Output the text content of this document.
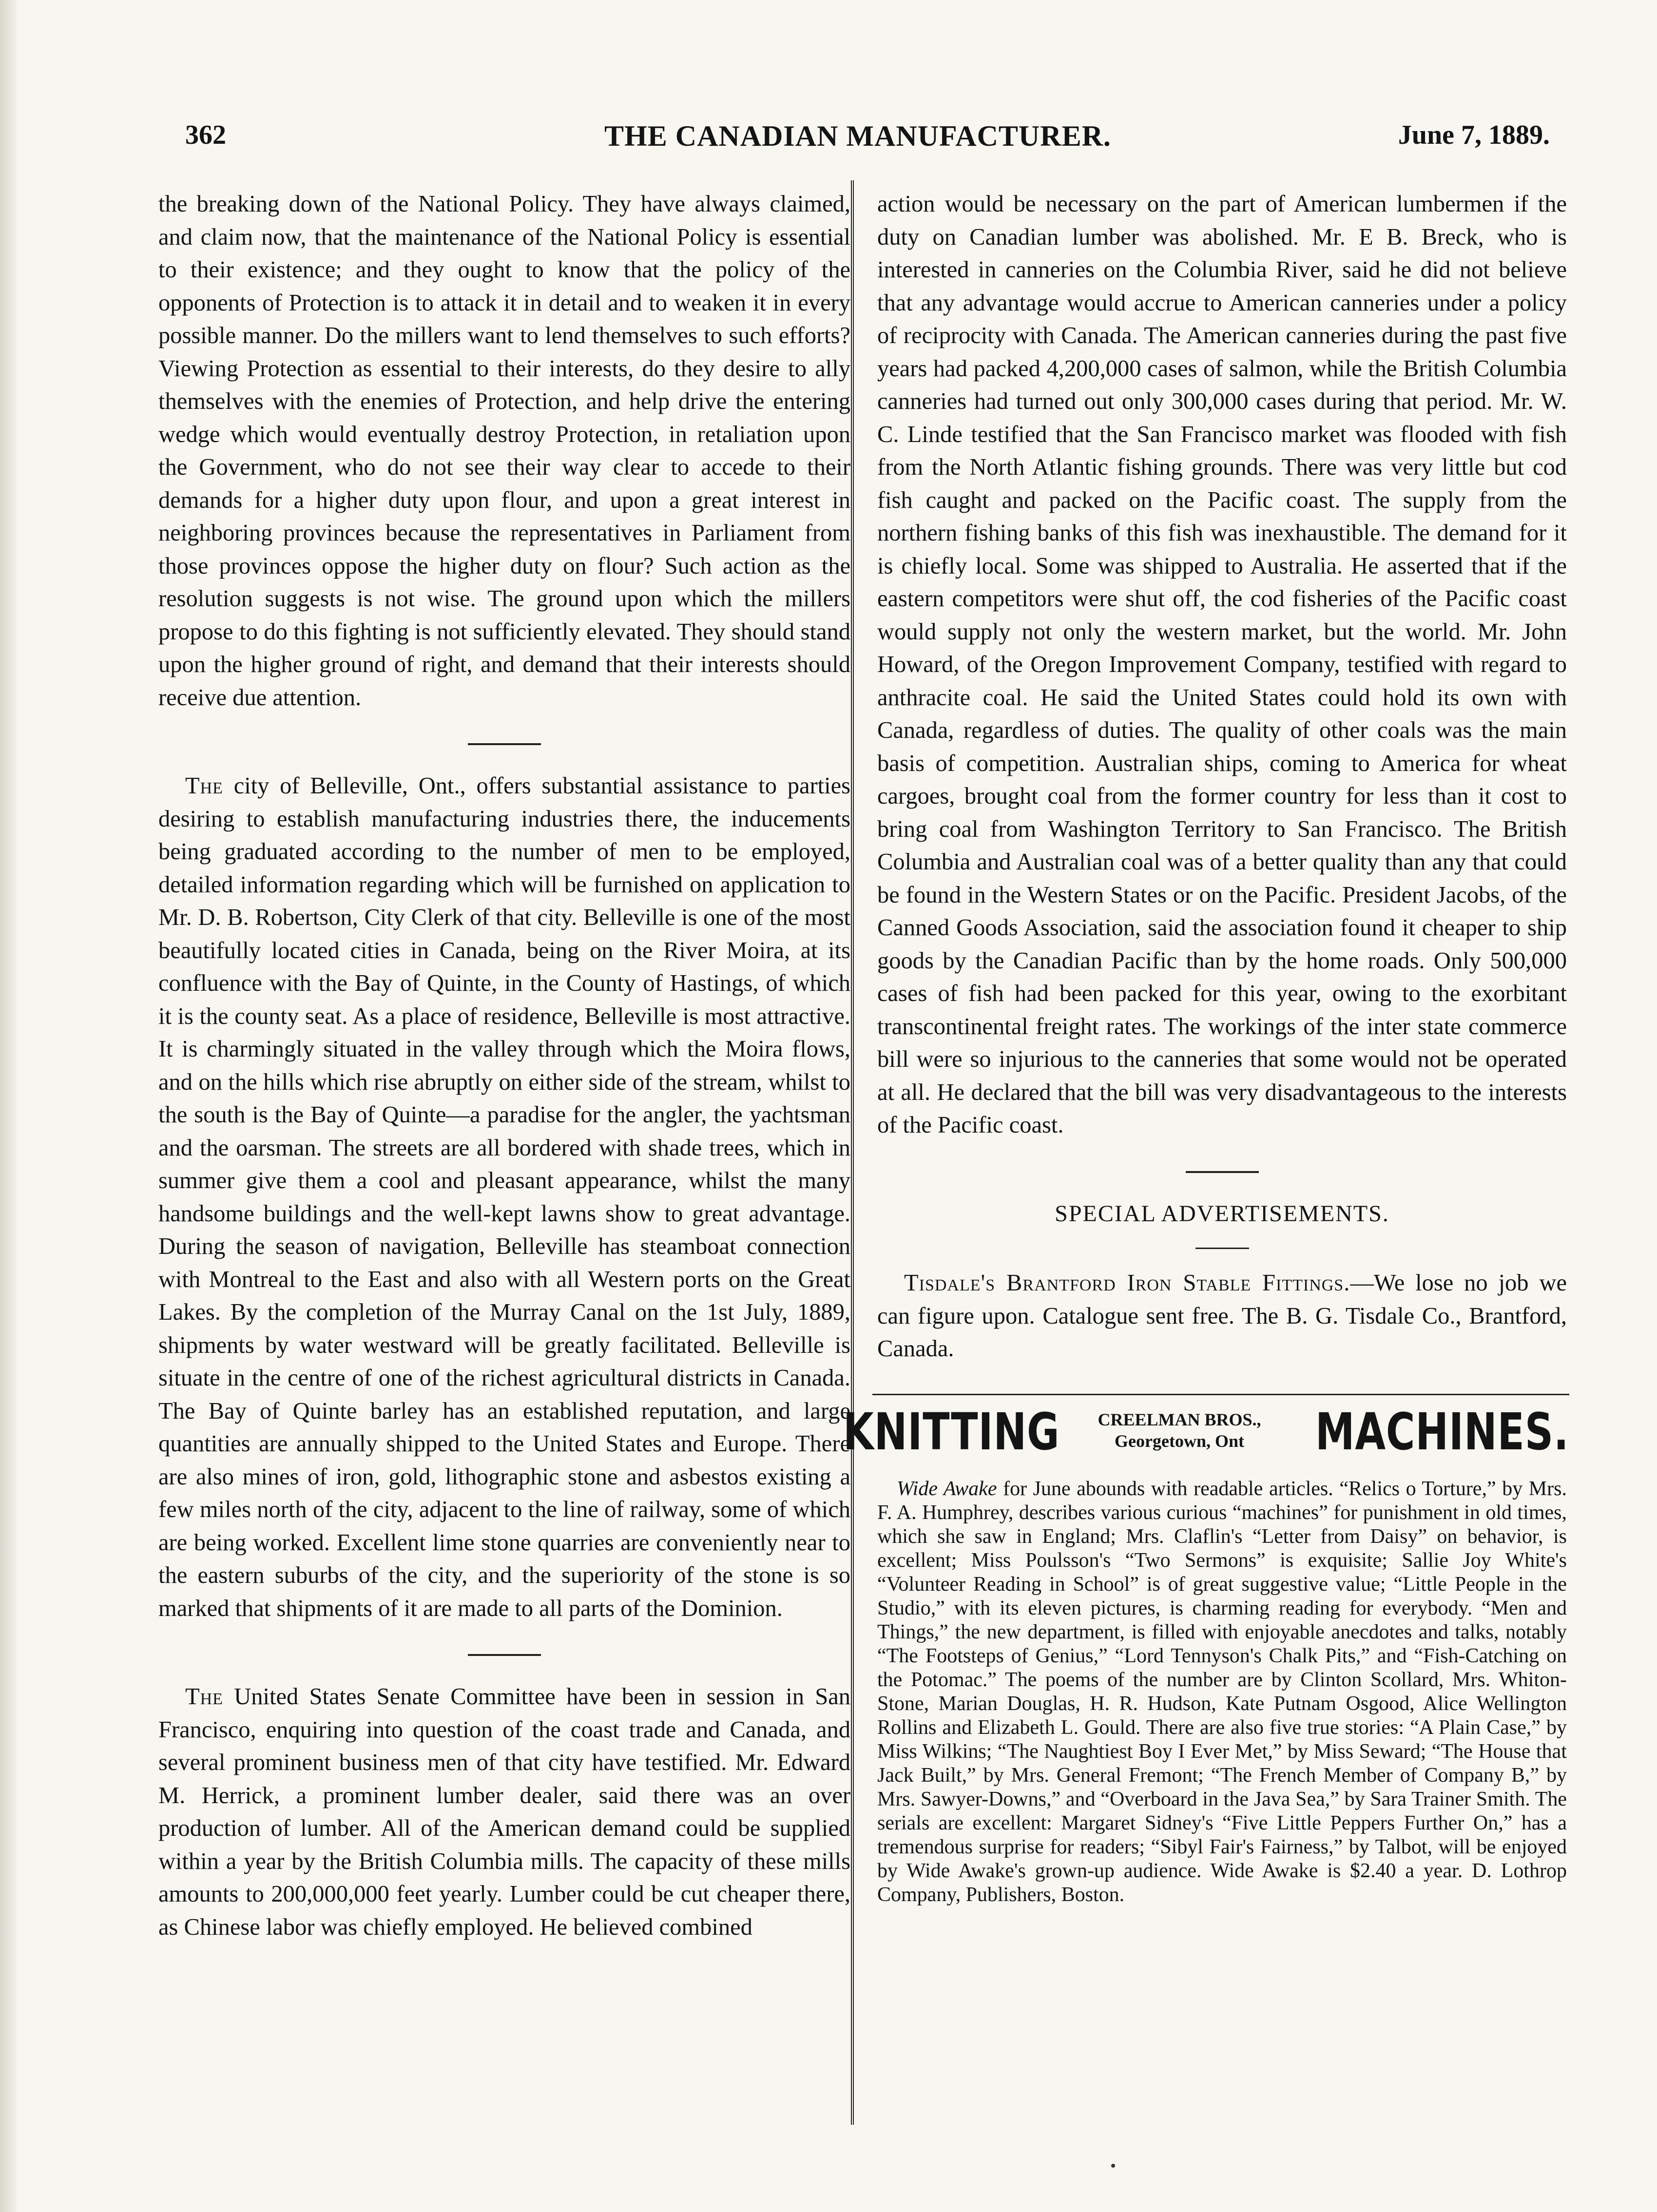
362	THE CANADIAN MANUFACTURER.	June 7, 1889.

the breaking down of the National Policy. They have always claimed, and claim now, that the maintenance of the National Policy is essential to their existence; and they ought to know that the policy of the opponents of Protection is to attack it in detail and to weaken it in every possible manner. Do the millers want to lend themselves to such efforts? Viewing Protection as essential to their interests, do they desire to ally themselves with the enemies of Protection, and help drive the entering wedge which would eventually destroy Protection, in retaliation upon the Government, who do not see their way clear to accede to their demands for a higher duty upon flour, and upon a great interest in neighboring provinces because the representatives in Parliament from those provinces oppose the higher duty on flour? Such action as the resolution suggests is not wise. The ground upon which the millers propose to do this fighting is not sufficiently elevated. They should stand upon the higher ground of right, and demand that their interests should receive due attention.

The city of Belleville, Ont., offers substantial assistance to parties desiring to establish manufacturing industries there, the inducements being graduated according to the number of men to be employed, detailed information regarding which will be furnished on application to Mr. D. B. Robertson, City Clerk of that city. Belleville is one of the most beautifully located cities in Canada, being on the River Moira, at its confluence with the Bay of Quinte, in the County of Hastings, of which it is the county seat. As a place of residence, Belleville is most attractive. It is charmingly situated in the valley through which the Moira flows, and on the hills which rise abruptly on either side of the stream, whilst to the south is the Bay of Quinte—a paradise for the angler, the yachtsman and the oarsman. The streets are all bordered with shade trees, which in summer give them a cool and pleasant appearance, whilst the many handsome buildings and the well-kept lawns show to great advantage. During the season of navigation, Belleville has steamboat connection with Montreal to the East and also with all Western ports on the Great Lakes. By the completion of the Murray Canal on the 1st July, 1889, shipments by water westward will be greatly facilitated. Belleville is situate in the centre of one of the richest agricultural districts in Canada. The Bay of Quinte barley has an established reputation, and large quantities are annually shipped to the United States and Europe. There are also mines of iron, gold, lithographic stone and asbestos existing a few miles north of the city, adjacent to the line of railway, some of which are being worked. Excellent lime stone quarries are conveniently near to the eastern suburbs of the city, and the superiority of the stone is so marked that shipments of it are made to all parts of the Dominion.

The United States Senate Committee have been in session in San Francisco, enquiring into question of the coast trade and Canada, and several prominent business men of that city have testified. Mr. Edward M. Herrick, a prominent lumber dealer, said there was an over production of lumber. All of the American demand could be supplied within a year by the British Columbia mills. The capacity of these mills amounts to 200,000,000 feet yearly. Lumber could be cut cheaper there, as Chinese labor was chiefly employed. He believed combined

action would be necessary on the part of American lumbermen if the duty on Canadian lumber was abolished. Mr. E B. Breck, who is interested in canneries on the Columbia River, said he did not believe that any advantage would accrue to American canneries under a policy of reciprocity with Canada. The American canneries during the past five years had packed 4,200,000 cases of salmon, while the British Columbia canneries had turned out only 300,000 cases during that period. Mr. W. C. Linde testified that the San Francisco market was flooded with fish from the North Atlantic fishing grounds. There was very little but cod fish caught and packed on the Pacific coast. The supply from the northern fishing banks of this fish was inexhaustible. The demand for it is chiefly local. Some was shipped to Australia. He asserted that if the eastern competitors were shut off, the cod fisheries of the Pacific coast would supply not only the western market, but the world. Mr. John Howard, of the Oregon Improvement Company, testified with regard to anthracite coal. He said the United States could hold its own with Canada, regardless of duties. The quality of other coals was the main basis of competition. Australian ships, coming to America for wheat cargoes, brought coal from the former country for less than it cost to bring coal from Washington Territory to San Francisco. The British Columbia and Australian coal was of a better quality than any that could be found in the Western States or on the Pacific. President Jacobs, of the Canned Goods Association, said the association found it cheaper to ship goods by the Canadian Pacific than by the home roads. Only 500,000 cases of fish had been packed for this year, owing to the exorbitant transcontinental freight rates. The workings of the inter state commerce bill were so injurious to the canneries that some would not be operated at all. He declared that the bill was very disadvantageous to the interests of the Pacific coast.

SPECIAL ADVERTISEMENTS.

Tisdale's Brantford Iron Stable Fittings.—We lose no job we can figure upon. Catalogue sent free. The B. G. Tisdale Co., Brantford, Canada.

KNITTING	CREELMAN BROS.,
Georgetown, Ont	MACHINES.

Wide Awake for June abounds with readable articles. “Relics o Torture,” by Mrs. F. A. Humphrey, describes various curious “machines” for punishment in old times, which she saw in England; Mrs. Claflin's “Letter from Daisy” on behavior, is excellent; Miss Poulsson's “Two Sermons” is exquisite; Sallie Joy White's “Volunteer Reading in School” is of great suggestive value; “Little People in the Studio,” with its eleven pictures, is charming reading for everybody. “Men and Things,” the new department, is filled with enjoyable anecdotes and talks, notably “The Footsteps of Genius,” “Lord Tennyson's Chalk Pits,” and “Fish-Catching on the Potomac.” The poems of the number are by Clinton Scollard, Mrs. Whiton-Stone, Marian Douglas, H. R. Hudson, Kate Putnam Osgood, Alice Wellington Rollins and Elizabeth L. Gould. There are also five true stories: “A Plain Case,” by Miss Wilkins; “The Naughtiest Boy I Ever Met,” by Miss Seward; “The House that Jack Built,” by Mrs. General Fremont; “The French Member of Company B,” by Mrs. Sawyer-Downs,” and “Overboard in the Java Sea,” by Sara Trainer Smith. The serials are excellent: Margaret Sidney's “Five Little Peppers Further On,” has a tremendous surprise for readers; “Sibyl Fair's Fairness,” by Talbot, will be enjoyed by Wide Awake's grown-up audience. Wide Awake is $2.40 a year. D. Lothrop Company, Publishers, Boston.
